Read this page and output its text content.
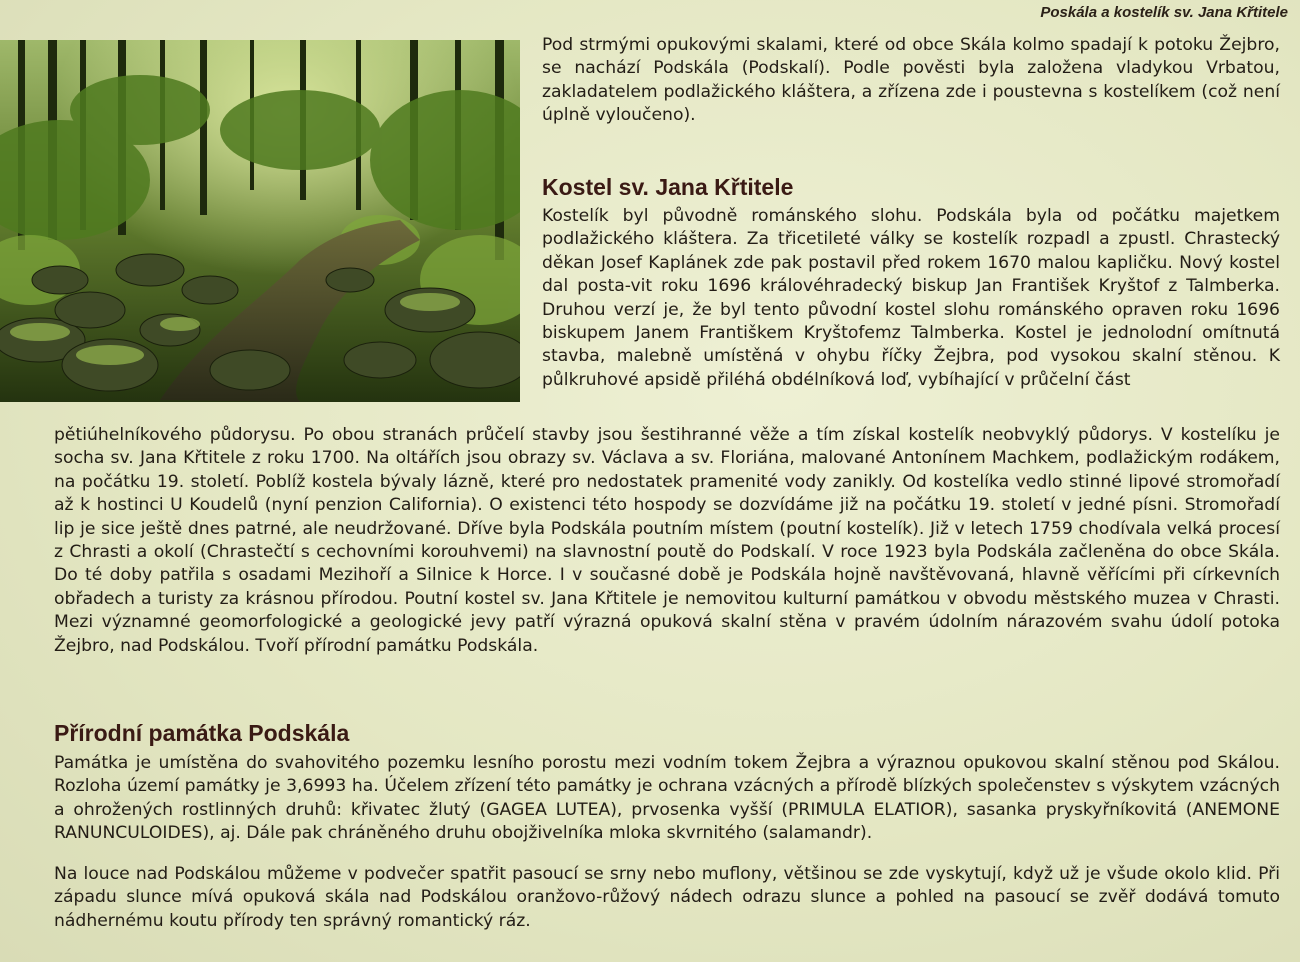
Poskála a kostelík sv. Jana Křtitele
Pod strmými opukovými skalami, které od obce Skála kolmo spadají k potoku Žejbro, se nachází Podskála (Podskalí). Podle pověsti byla založena vladykou Vrbatou, zakladatelem podlažického kláštera, a zřízena zde i poustevna s kostelíkem (což není úplně vyloučeno).
Kostel sv. Jana Křtitele
Kostelík byl původně románského slohu. Podskála byla od počátku majetkem podlažického kláštera. Za třicetileté války se kostelík rozpadl a zpustl. Chrastecký děkan Josef Kaplánek zde pak postavil před rokem 1670 malou kapličku. Nový kostel dal posta-vit roku 1696 královéhradecký biskup Jan František Kryštof z Talmberka. Druhou verzí je, že byl tento původní kostel slohu románského opraven roku 1696 biskupem Janem Františkem Kryštofemz Talmberka. Kostel je jednolodní omítnutá stavba, malebně umístěná v ohybu říčky Žejbra, pod vysokou skalní stěnou. K půlkruhové apsidě přiléhá obdélníková loď, vybíhající v průčelní část
pětiúhelníkového půdorysu. Po obou stranách průčelí stavby jsou šestihranné věže a tím získal kostelík neobvyklý půdorys. V kostelíku je socha sv. Jana Křtitele z roku 1700. Na oltářích jsou obrazy sv. Václava a sv. Floriána, malované Antonínem Machkem, podlažickým rodákem, na počátku 19. století. Poblíž kostela bývaly lázně, které pro nedostatek pramenité vody zanikly. Od kostelíka vedlo stinné lipové stromořadí až k hostinci U Koudelů (nyní penzion California). O existenci této hospody se dozvídáme již na počátku 19. století v jedné písni. Stromořadí lip je sice ještě dnes patrné, ale neudržované. Dříve byla Podskála poutním místem (poutní kostelík). Již v letech 1759 chodívala velká procesí z Chrasti a okolí (Chrastečtí s cechovními korouhvemi) na slavnostní poutě do Podskalí. V roce 1923 byla Podskála začleněna do obce Skála. Do té doby patřila s osadami Mezihoří a Silnice k Horce. I v současné době je Podskála hojně navštěvovaná, hlavně věřícími při církevních obřadech a turisty za krásnou přírodou. Poutní kostel sv. Jana Křtitele je nemovitou kulturní památkou v obvodu městského muzea v Chrasti. Mezi významné geomorfologické a geologické jevy patří výrazná opuková skalní stěna v pravém údolním nárazovém svahu údolí potoka Žejbro, nad Podskálou. Tvoří přírodní památku Podskála.
Přírodní památka Podskála
Památka je umístěna do svahovitého pozemku lesního porostu mezi vodním tokem Žejbra a výraznou opukovou skalní stěnou pod Skálou. Rozloha území památky je 3,6993 ha. Účelem zřízení této památky je ochrana vzácných a přírodě blízkých společenstev s výskytem vzácných a ohrožených rostlinných druhů: křivatec žlutý (GAGEA LUTEA), prvosenka vyšší (PRIMULA ELATIOR), sasanka pryskyřníkovitá (ANEMONE RANUNCULOIDES), aj. Dále pak chráněného druhu obojživelníka mloka skvrnitého (salamandr).
Na louce nad Podskálou můžeme v podvečer spatřit pasoucí se srny nebo muflony, většinou se zde vyskytují, když už je všude okolo klid. Při západu slunce mívá opuková skála nad Podskálou oranžovo-růžový nádech odrazu slunce a pohled na pasoucí se zvěř dodává tomuto nádhernému koutu přírody ten správný romantický ráz.
